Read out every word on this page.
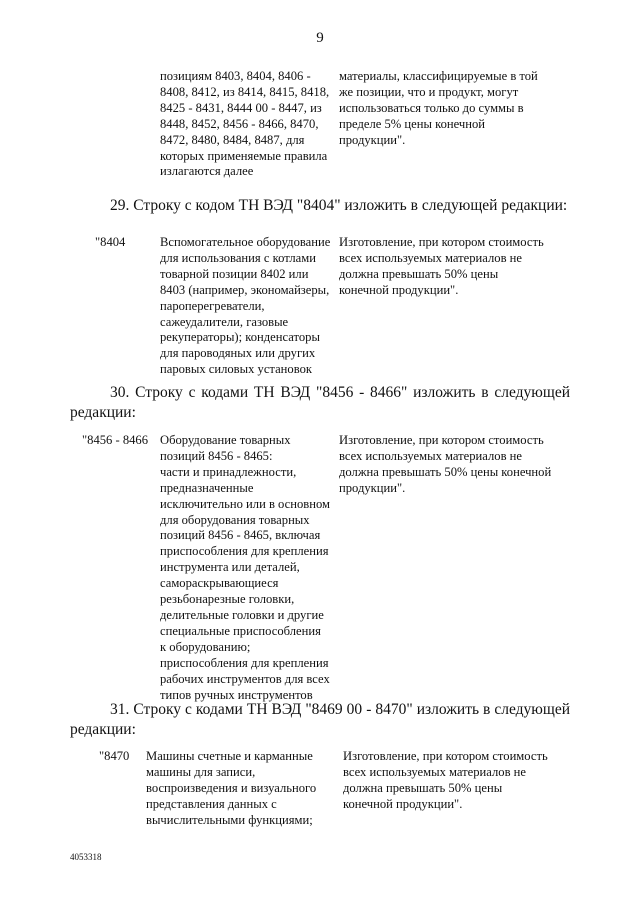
9
позициям 8403, 8404, 8406 -
8408, 8412, из 8414, 8415, 8418,
8425 - 8431, 8444 00 - 8447, из
8448, 8452, 8456 - 8466, 8470,
8472, 8480, 8484, 8487, для
которых применяемые правила
излагаются далее
материалы, классифицируемые в той
же позиции, что и продукт, могут
использоваться только до суммы в
пределе 5% цены конечной
продукции".
29. Строку с кодом ТН ВЭД "8404" изложить в следующей редакции:
"8404	Вспомогательное оборудование
для использования с котлами
товарной позиции 8402 или
8403 (например, экономайзеры,
пароперегреватели,
сажеудалители, газовые
рекуператоры); конденсаторы
для пароводяных или других
паровых силовых установок
Изготовление, при котором стоимость
всех используемых материалов не
должна превышать 50% цены
конечной продукции".
30. Строку с кодами ТН ВЭД "8456 - 8466" изложить в следующей
редакции:
"8456 - 8466 Оборудование товарных
позиций 8456 - 8465:
части и принадлежности,
предназначенные
исключительно или в основном
для оборудования товарных
позиций 8456 - 8465, включая
приспособления для крепления
инструмента или деталей,
самораскрывающиеся
резьбонарезные головки,
делительные головки и другие
специальные приспособления
к оборудованию;
приспособления для крепления
рабочих инструментов для всех
типов ручных инструментов
Изготовление, при котором стоимость
всех используемых материалов не
должна превышать 50% цены конечной
продукции".
31. Строку с кодами ТН ВЭД "8469 00 - 8470" изложить в следующей
редакции:
"8470 Машины счетные и карманные
машины для записи,
воспроизведения и визуального
представления данных с
вычислительными функциями;
Изготовление, при котором стоимость
всех используемых материалов не
должна превышать 50% цены
конечной продукции".
4053318
